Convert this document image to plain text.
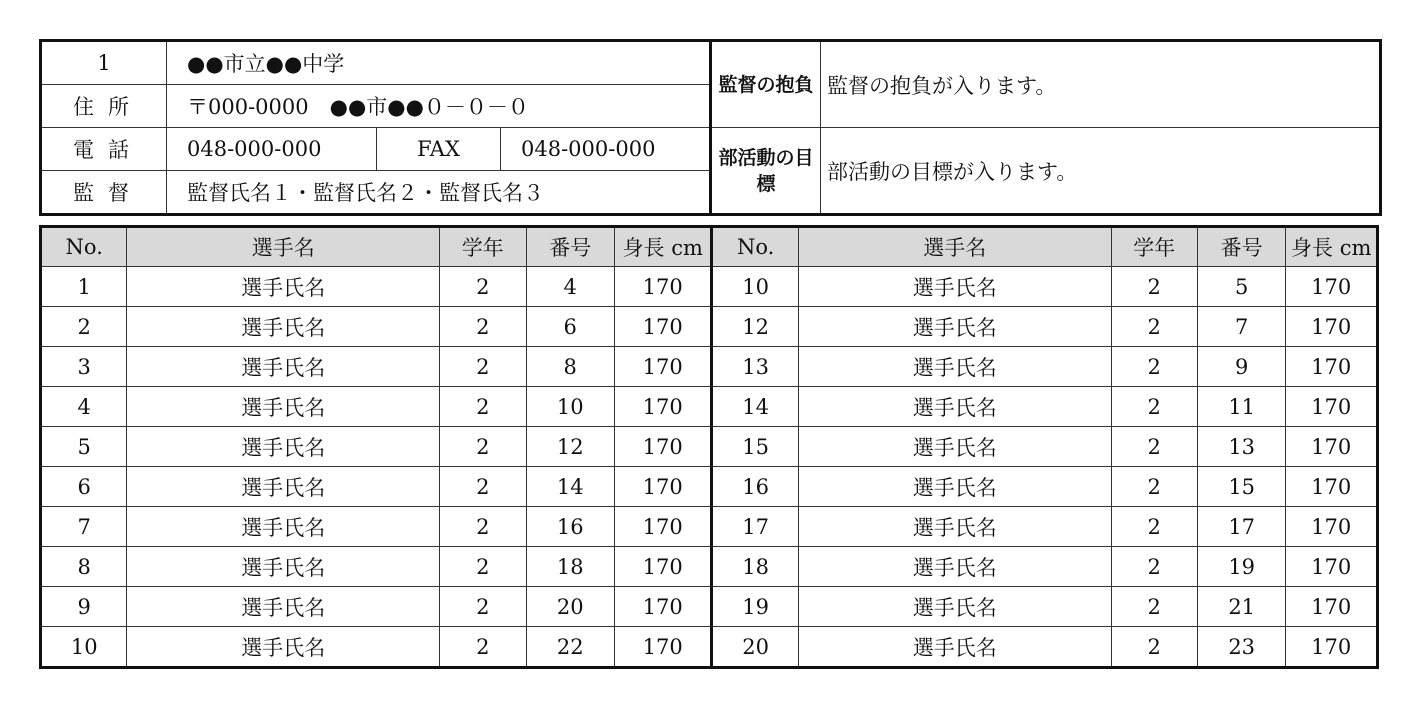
1	●●市立●●中学			監督の抱負	監督の抱負が入ります。
住所	〒000-0000　●●市●●０－０－０				
電話	048-000-000	FAX	048-000-000	部活動の目標	部活動の目標が入ります。
監督	監督氏名１・監督氏名２・監督氏名３				
No.	選手名	学年	番号	身長 cm	No.	選手名	学年	番号	身長 cm
1	選手氏名	2	4	170	10	選手氏名	2	5	170
2	選手氏名	2	6	170	12	選手氏名	2	7	170
3	選手氏名	2	8	170	13	選手氏名	2	9	170
4	選手氏名	2	10	170	14	選手氏名	2	11	170
5	選手氏名	2	12	170	15	選手氏名	2	13	170
6	選手氏名	2	14	170	16	選手氏名	2	15	170
7	選手氏名	2	16	170	17	選手氏名	2	17	170
8	選手氏名	2	18	170	18	選手氏名	2	19	170
9	選手氏名	2	20	170	19	選手氏名	2	21	170
10	選手氏名	2	22	170	20	選手氏名	2	23	170
